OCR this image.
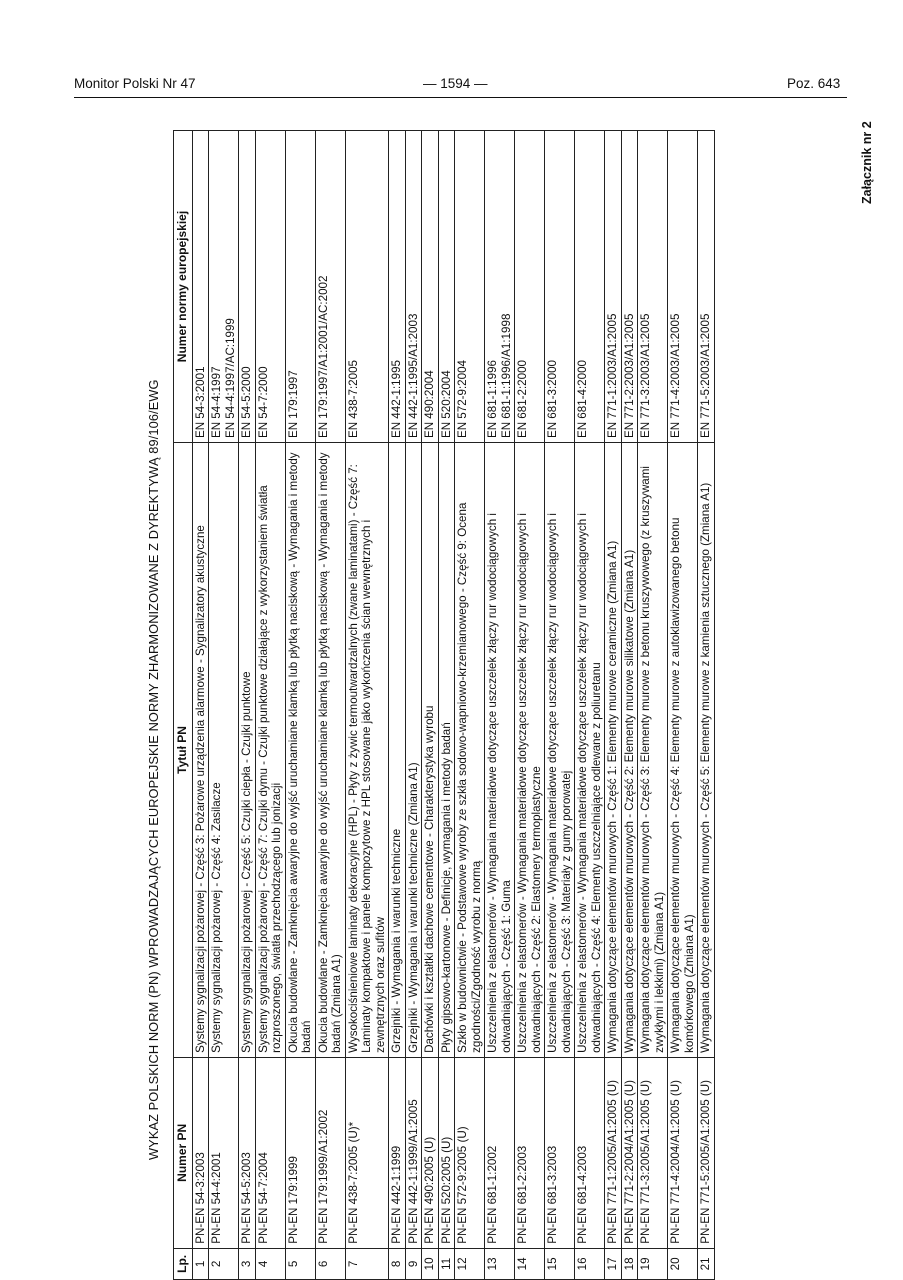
Monitor Polski Nr 47	— 1594 —	Poz. 643
Załącznik nr 2
WYKAZ POLSKICH NORM (PN) WPROWADZAJĄCYCH EUROPEJSKIE NORMY ZHARMONIZOWANE Z DYREKTYWĄ 89/106/EWG
Lp.	Numer PN	Tytuł PN	Numer normy europejskiej
1	PN-EN 54-3:2003	Systemy sygnalizacji pożarowej - Część 3: Pożarowe urządzenia alarmowe - Sygnalizatory akustyczne	EN 54-3:2001
2	PN-EN 54-4:2001	Systemy sygnalizacji pożarowej - Część 4: Zasilacze	EN 54-4:1997
EN 54-4:1997/AC:1999
3	PN-EN 54-5:2003	Systemy sygnalizacji pożarowej - Część 5: Czujki ciepła - Czujki punktowe	EN 54-5:2000
4	PN-EN 54-7:2004	Systemy sygnalizacji pożarowej - Część 7: Czujki dymu - Czujki punktowe działające z wykorzystaniem światła rozproszonego, światła przechodzącego lub jonizacji	EN 54-7:2000
5	PN-EN 179:1999	Okucia budowlane - Zamknięcia awaryjne do wyjść uruchamiane klamką lub płytką naciskową - Wymagania i metody badań	EN 179:1997
6	PN-EN 179:1999/A1:2002	Okucia budowlane - Zamknięcia awaryjne do wyjść uruchamiane klamką lub płytką naciskową - Wymagania i metody badań (Zmiana A1)	EN 179:1997/A1:2001/AC:2002
7	PN-EN 438-7:2005 (U)*	Wysokociśnieniowe laminaty dekoracyjne (HPL) - Płyty z żywic termoutwardzalnych (zwane laminatami) - Część 7: Laminaty kompaktowe i panele kompozytowe z HPL stosowane jako wykończenia ścian wewnętrznych i zewnętrznych oraz sufitów	EN 438-7:2005
8	PN-EN 442-1:1999	Grzejniki - Wymagania i warunki techniczne	EN 442-1:1995
9	PN-EN 442-1:1999/A1:2005	Grzejniki - Wymagania i warunki techniczne (Zmiana A1)	EN 442-1:1995/A1:2003
10	PN-EN 490:2005 (U)	Dachówki i kształtki dachowe cementowe - Charakterystyka wyrobu	EN 490:2004
11	PN-EN 520:2005 (U)	Płyty gipsowo-kartonowe - Definicje, wymagania i metody badań	EN 520:2004
12	PN-EN 572-9:2005 (U)	Szkło w budownictwie - Podstawowe wyroby ze szkła sodowo-wapniowo-krzemianowego - Część 9: Ocena zgodności/Zgodność wyrobu z normą	EN 572-9:2004
13	PN-EN 681-1:2002	Uszczelnienia z elastomerów - Wymagania materiałowe dotyczące uszczelek złączy rur wodociągowych i odwadniających - Część 1: Guma	EN 681-1:1996
EN 681-1:1996/A1:1998
14	PN-EN 681-2:2003	Uszczelnienia z elastomerów - Wymagania materiałowe dotyczące uszczelek złączy rur wodociągowych i odwadniających - Część 2: Elastomery termoplastyczne	EN 681-2:2000
15	PN-EN 681-3:2003	Uszczelnienia z elastomerów - Wymagania materiałowe dotyczące uszczelek złączy rur wodociągowych i odwadniających - Część 3: Materiały z gumy porowatej	EN 681-3:2000
16	PN-EN 681-4:2003	Uszczelnienia z elastomerów - Wymagania materiałowe dotyczące uszczelek złączy rur wodociągowych i odwadniających - Część 4: Elementy uszczelniające odlewane z poliuretanu	EN 681-4:2000
17	PN-EN 771-1:2005/A1:2005 (U)	Wymagania dotyczące elementów murowych - Część 1: Elementy murowe ceramiczne (Zmiana A1)	EN 771-1:2003/A1:2005
18	PN-EN 771-2:2004/A1:2005 (U)	Wymagania dotyczące elementów murowych - Część 2: Elementy murowe silikatowe (Zmiana A1)	EN 771-2:2003/A1:2005
19	PN-EN 771-3:2005/A1:2005 (U)	Wymagania dotyczące elementów murowych - Część 3: Elementy murowe z betonu kruszywowego (z kruszywami zwykłymi i lekkimi) (Zmiana A1)	EN 771-3:2003/A1:2005
20	PN-EN 771-4:2004/A1:2005 (U)	Wymagania dotyczące elementów murowych - Część 4: Elementy murowe z autoklawizowanego betonu komórkowego (Zmiana A1)	EN 771-4:2003/A1:2005
21	PN-EN 771-5:2005/A1:2005 (U)	Wymagania dotyczące elementów murowych - Część 5: Elementy murowe z kamienia sztucznego (Zmiana A1)	EN 771-5:2003/A1:2005
